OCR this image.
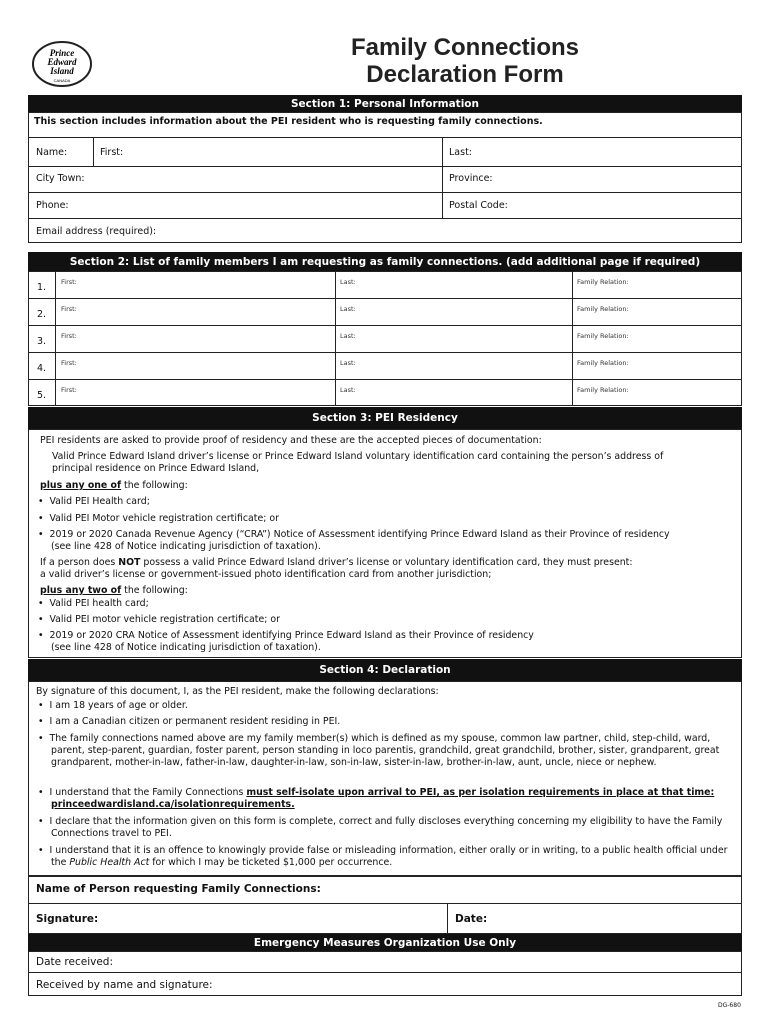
Prince
Edward
Island
CANADA
Family Connections
Declaration Form
Section 1: Personal Information
This section includes information about the PEI resident who is requesting family connections.
Name:	First:	Last:
City Town:	Province:
Phone:	Postal Code:
Email address (required):
Section 2: List of family members I am requesting as family connections. (add additional page if required)
1. First:	Last:	Family Relation:
2. First:	Last:	Family Relation:
3. First:	Last:	Family Relation:
4. First:	Last:	Family Relation:
5. First:	Last:	Family Relation:
Section 3: PEI Residency
PEI residents are asked to provide proof of residency and these are the accepted pieces of documentation:
Valid Prince Edward Island driver’s license or Prince Edward Island voluntary identification card containing the person’s address of
principal residence on Prince Edward Island,
plus any one of the following:
•  Valid PEI Health card;
•  Valid PEI Motor vehicle registration certificate; or
•  2019 or 2020 Canada Revenue Agency (“CRA”) Notice of Assessment identifying Prince Edward Island as their Province of residency
(see line 428 of Notice indicating jurisdiction of taxation).
If a person does NOT possess a valid Prince Edward Island driver’s license or voluntary identification card, they must present:
a valid driver’s license or government-issued photo identification card from another jurisdiction;
plus any two of the following:
•  Valid PEI health card;
•  Valid PEI motor vehicle registration certificate; or
•  2019 or 2020 CRA Notice of Assessment identifying Prince Edward Island as their Province of residency
(see line 428 of Notice indicating jurisdiction of taxation).
Section 4: Declaration
By signature of this document, I, as the PEI resident, make the following declarations:
•  I am 18 years of age or older.
•  I am a Canadian citizen or permanent resident residing in PEI.
•  The family connections named above are my family member(s) which is defined as my spouse, common law partner, child, step-child, ward, parent, step-parent, guardian, foster parent, person standing in loco parentis, grandchild, great grandchild, brother, sister, grandparent, great grandparent, mother-in-law, father-in-law, daughter-in-law, son-in-law, sister-in-law, brother-in-law, aunt, uncle, niece or nephew.
•  I understand that the Family Connections must self-isolate upon arrival to PEI, as per isolation requirements in place at that time: princeedwardisland.ca/isolationrequirements.
•  I declare that the information given on this form is complete, correct and fully discloses everything concerning my eligibility to have the Family Connections travel to PEI.
•  I understand that it is an offence to knowingly provide false or misleading information, either orally or in writing, to a public health official under the Public Health Act for which I may be ticketed $1,000 per occurrence.
Name of Person requesting Family Connections:
Signature:	Date:
Emergency Measures Organization Use Only
Date received:
Received by name and signature:
DG-680
